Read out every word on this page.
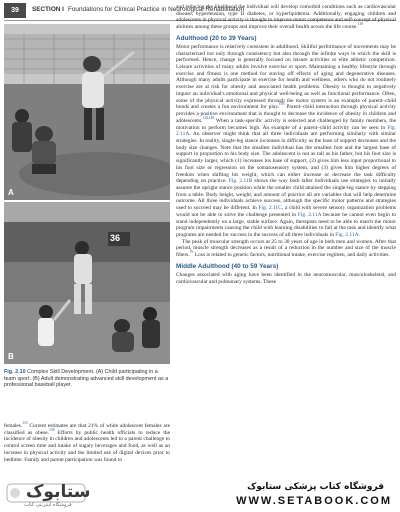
39	SECTION I Foundations for Clinical Practice in Neurological Rehabilitation
A
36
B
Fig. 2.10 Complex Skill Development. (A) Child participating in a team sport. (B) Adult demonstrating advanced skill development as a professional baseball player.

females.$^{133}$ Current estimates are that 21% of white adolescent females are classified as obese.$^{136}$ Efforts by public health officials to reduce the incidence of obesity in children and adolescents led to a parent challenge to control screen time and intake of sugary beverages and food, as well as an increase in physical activity and the limited use of digital devices prior to bedtime. Family and parent participation was found to

and reducing the likelihood the individual will develop comorbid conditions such as cardiovascular disease, hypertension, type II diabetes, or hyperlipidemia. Additionally, engaging children and adolescents in physical activity is thought to improve motor competence and self-concept of physical abilities among these groups and improve their overall health across the life course.$^{138}$

Adulthood (20 to 39 Years)

Motor performance is relatively consistent in adulthood. Skillful performance of movements may be characterized not only through consistency but also through the infinite ways in which the skill is performed. Hence, change is generally focused on leisure activities or elite athletic competition. Leisure activities of many adults involve exercise or sport. Maintaining a healthy lifestyle through exercise and fitness is one method for staving off effects of aging and degenerative diseases. Although many adults participate in exercise for health and wellness, others who do not routinely exercise are at risk for obesity and associated health problems. Obesity is thought to negatively impact an individual's emotional and physical well-being as well as functional performance. Often, some of the physical activity expressed through the motor system is an example of parent–child bonds and creates a fun environment for play.$^{139}$ Parent–child interaction through physical activity provides a positive environment that is thought to decrease the incidence of obesity in children and adolescents.$^{134,140}$ When a task-specific activity is selected and challenged by family members, the motivation to perform becomes high. An example of a parent–child activity can be seen in Fig. 2.11A. An observer might think that all three individuals are performing similarly with similar strategies. In reality, single-leg stance increases in difficulty as the base of support decreases and the body size changes. Note that the smallest individual has the smallest foot and the largest base of support in proportion to his body size. The adolescent is not as tall as his father, but his foot size is significantly larger, which (1) increases his base of support, (2) gives him less input proportional to his foot size or regression on the somatosensory system, and (3) gives him higher degrees of freedom when shifting his weight, which can either increase or decrease the task difficulty depending on practice. Fig. 2.11B shows the way both taller individuals use strategies to initially assume the upright stance position while the smaller child attained the single-leg stance by stepping from a table. Body height, weight, and amount of practice all are variables that will help determine outcome. All three individuals achieve success, although the specific motor patterns and strategies used to succeed may be different. In Fig. 2.11C, a child with severe sensory organization problems would not be able to solve the challenge presented in Fig. 2.11A because he cannot even begin to stand independently on a large, stable surface. Again, therapists need to be able to match the motor program impairments causing the child with learning disabilities to fail at the task and identify what programs are needed for success in the success of all three individuals in Fig. 2.11A.

The peak of muscular strength occurs at 25 to 30 years of age in both men and women. After that period, muscle strength decreases as a result of a reduction in the number and size of the muscle fibers.$^{76}$ Loss is related to genetic factors, nutritional intake, exercise regimen, and daily activities.

Middle Adulthood (40 to 59 Years)

Changes associated with aging have been identified in the neuromuscular, musculoskeletal, and cardiovascular and pulmonary systems. These

ستابوک
فروشگاه اینترنتی کتاب
فروشگاه کتاب پزشکی ستابوک
WWW.SETABOOK.COM
